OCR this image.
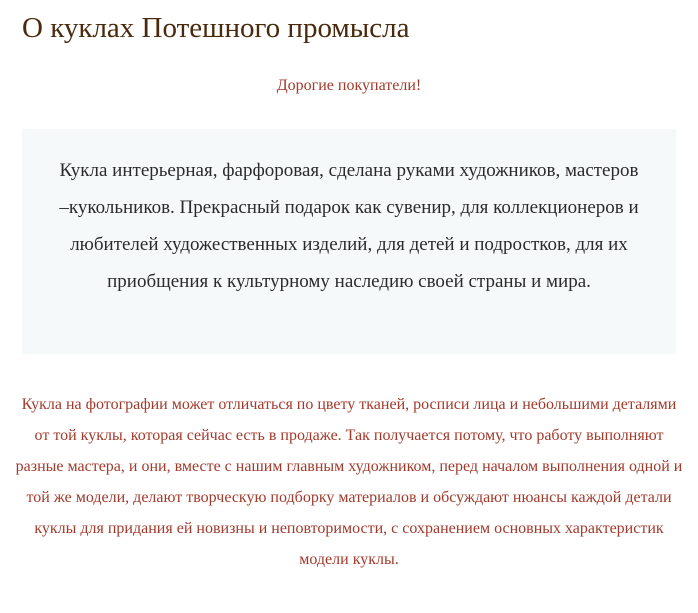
О куклах Потешного промысла
Дорогие покупатели!
Кукла интерьерная, фарфоровая, сделана руками художников, мастеров –кукольников. Прекрасный подарок как сувенир, для коллекционеров и любителей художественных изделий, для детей и подростков, для их приобщения к культурному наследию своей страны и мира.
Кукла на фотографии может отличаться по цвету тканей, росписи лица и небольшими деталями от той куклы, которая сейчас есть в продаже. Так получается потому, что работу выполняют разные мастера, и они, вместе с нашим главным художником, перед началом выполнения одной и той же модели, делают творческую подборку материалов и обсуждают нюансы каждой детали куклы для придания ей новизны и неповторимости, с сохранением основных характеристик модели куклы.
